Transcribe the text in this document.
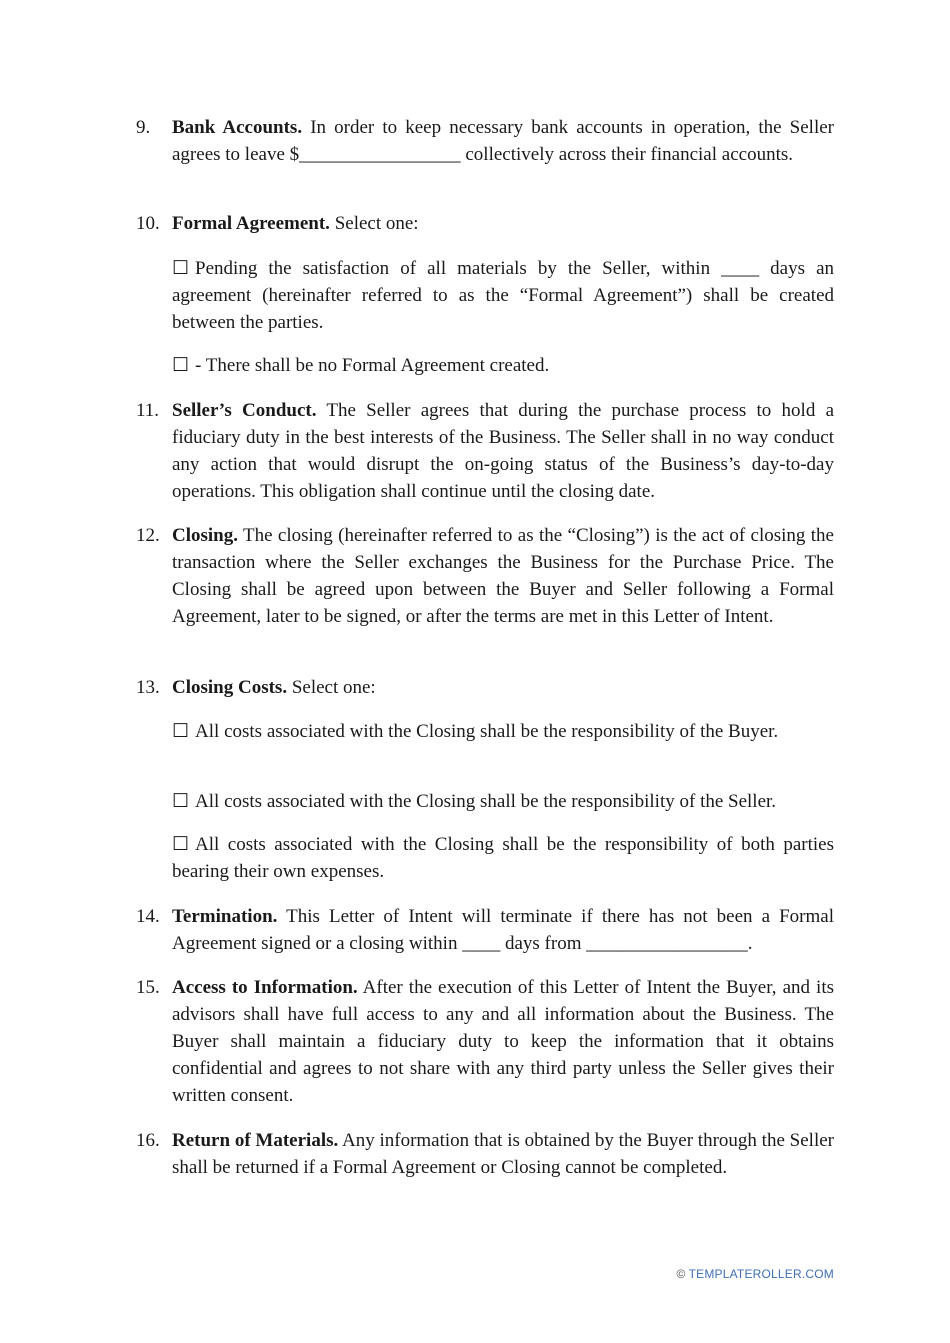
9.	Bank Accounts. In order to keep necessary bank accounts in operation, the Seller agrees to leave $_________________ collectively across their financial accounts.
10. Formal Agreement. Select one:
☐ Pending the satisfaction of all materials by the Seller, within ____ days an agreement (hereinafter referred to as the “Formal Agreement”) shall be created between the parties.
☐ - There shall be no Formal Agreement created.
11. Seller’s Conduct. The Seller agrees that during the purchase process to hold a fiduciary duty in the best interests of the Business. The Seller shall in no way conduct any action that would disrupt the on-going status of the Business’s day-to-day operations. This obligation shall continue until the closing date.
12. Closing. The closing (hereinafter referred to as the “Closing”) is the act of closing the transaction where the Seller exchanges the Business for the Purchase Price. The Closing shall be agreed upon between the Buyer and Seller following a Formal Agreement, later to be signed, or after the terms are met in this Letter of Intent.
13. Closing Costs. Select one:
☐ All costs associated with the Closing shall be the responsibility of the Buyer.
☐ All costs associated with the Closing shall be the responsibility of the Seller.
☐ All costs associated with the Closing shall be the responsibility of both parties bearing their own expenses.
14. Termination. This Letter of Intent will terminate if there has not been a Formal Agreement signed or a closing within ____ days from _________________.
15. Access to Information. After the execution of this Letter of Intent the Buyer, and its advisors shall have full access to any and all information about the Business. The Buyer shall maintain a fiduciary duty to keep the information that it obtains confidential and agrees to not share with any third party unless the Seller gives their written consent.
16. Return of Materials. Any information that is obtained by the Buyer through the Seller shall be returned if a Formal Agreement or Closing cannot be completed.
© TEMPLATEROLLER.COM
